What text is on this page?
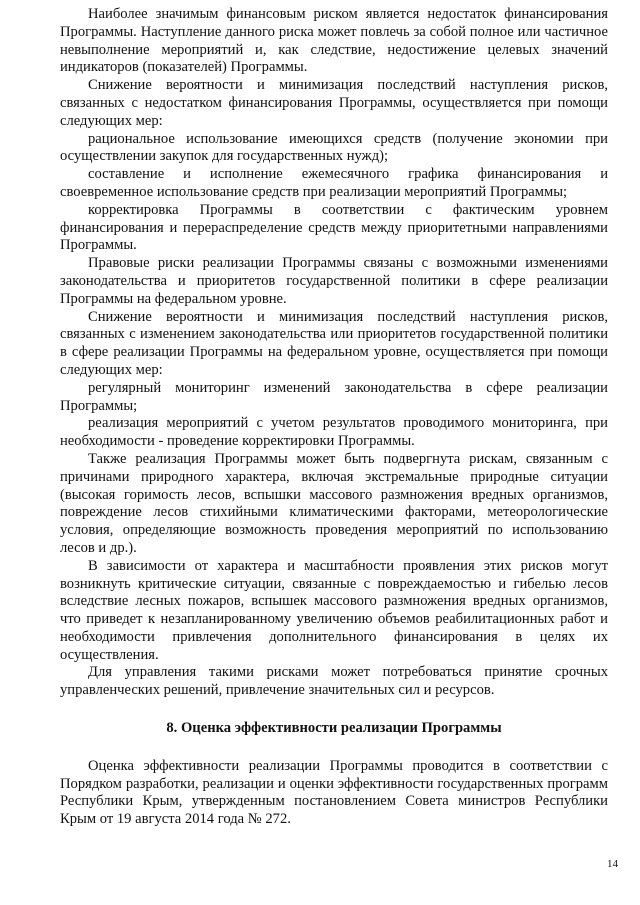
Наиболее значимым финансовым риском является недостаток финансирования Программы. Наступление данного риска может повлечь за собой полное или частичное невыполнение мероприятий и, как следствие, недостижение целевых значений индикаторов (показателей) Программы.

Снижение вероятности и минимизация последствий наступления рисков, связанных с недостатком финансирования Программы, осуществляется при помощи следующих мер:

рациональное использование имеющихся средств (получение экономии при осуществлении закупок для государственных нужд);

составление и исполнение ежемесячного графика финансирования и своевременное использование средств при реализации мероприятий Программы;

корректировка Программы в соответствии с фактическим уровнем финансирования и перераспределение средств между приоритетными направлениями Программы.

Правовые риски реализации Программы связаны с возможными изменениями законодательства и приоритетов государственной политики в сфере реализации Программы на федеральном уровне.

Снижение вероятности и минимизация последствий наступления рисков, связанных с изменением законодательства или приоритетов государственной политики в сфере реализации Программы на федеральном уровне, осуществляется при помощи следующих мер:

регулярный мониторинг изменений законодательства в сфере реализации Программы;

реализация мероприятий с учетом результатов проводимого мониторинга, при необходимости - проведение корректировки Программы.

Также реализация Программы может быть подвергнута рискам, связанным с причинами природного характера, включая экстремальные природные ситуации (высокая горимость лесов, вспышки массового размножения вредных организмов, повреждение лесов стихийными климатическими факторами, метеорологические условия, определяющие возможность проведения мероприятий по использованию лесов и др.).

В зависимости от характера и масштабности проявления этих рисков могут возникнуть критические ситуации, связанные с повреждаемостью и гибелью лесов вследствие лесных пожаров, вспышек массового размножения вредных организмов, что приведет к незапланированному увеличению объемов реабилитационных работ и необходимости привлечения дополнительного финансирования в целях их осуществления.

Для управления такими рисками может потребоваться принятие срочных управленческих решений, привлечение значительных сил и ресурсов.

8. Оценка эффективности реализации Программы

Оценка эффективности реализации Программы проводится в соответствии с Порядком разработки, реализации и оценки эффективности государственных программ Республики Крым, утвержденным постановлением Совета министров Республики Крым от 19 августа 2014 года № 272.

14
